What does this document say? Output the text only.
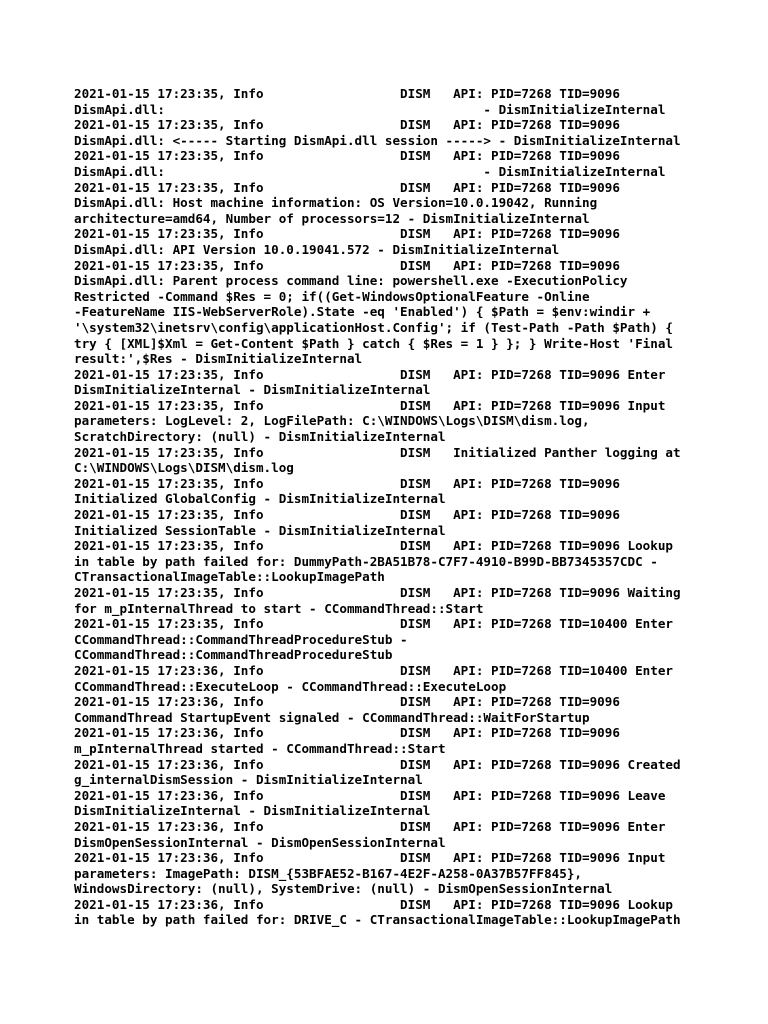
2021-01-15 17:23:35, Info                  DISM   API: PID=7268 TID=9096
DismApi.dll:                                          - DismInitializeInternal
2021-01-15 17:23:35, Info                  DISM   API: PID=7268 TID=9096
DismApi.dll: <----- Starting DismApi.dll session -----> - DismInitializeInternal
2021-01-15 17:23:35, Info                  DISM   API: PID=7268 TID=9096
DismApi.dll:                                          - DismInitializeInternal
2021-01-15 17:23:35, Info                  DISM   API: PID=7268 TID=9096
DismApi.dll: Host machine information: OS Version=10.0.19042, Running
architecture=amd64, Number of processors=12 - DismInitializeInternal
2021-01-15 17:23:35, Info                  DISM   API: PID=7268 TID=9096
DismApi.dll: API Version 10.0.19041.572 - DismInitializeInternal
2021-01-15 17:23:35, Info                  DISM   API: PID=7268 TID=9096
DismApi.dll: Parent process command line: powershell.exe -ExecutionPolicy
Restricted -Command $Res = 0; if((Get-WindowsOptionalFeature -Online
-FeatureName IIS-WebServerRole).State -eq 'Enabled') { $Path = $env:windir +
'\system32\inetsrv\config\applicationHost.Config'; if (Test-Path -Path $Path) {
try { [XML]$Xml = Get-Content $Path } catch { $Res = 1 } }; } Write-Host 'Final
result:',$Res - DismInitializeInternal
2021-01-15 17:23:35, Info                  DISM   API: PID=7268 TID=9096 Enter
DismInitializeInternal - DismInitializeInternal
2021-01-15 17:23:35, Info                  DISM   API: PID=7268 TID=9096 Input
parameters: LogLevel: 2, LogFilePath: C:\WINDOWS\Logs\DISM\dism.log,
ScratchDirectory: (null) - DismInitializeInternal
2021-01-15 17:23:35, Info                  DISM   Initialized Panther logging at
C:\WINDOWS\Logs\DISM\dism.log
2021-01-15 17:23:35, Info                  DISM   API: PID=7268 TID=9096
Initialized GlobalConfig - DismInitializeInternal
2021-01-15 17:23:35, Info                  DISM   API: PID=7268 TID=9096
Initialized SessionTable - DismInitializeInternal
2021-01-15 17:23:35, Info                  DISM   API: PID=7268 TID=9096 Lookup
in table by path failed for: DummyPath-2BA51B78-C7F7-4910-B99D-BB7345357CDC -
CTransactionalImageTable::LookupImagePath
2021-01-15 17:23:35, Info                  DISM   API: PID=7268 TID=9096 Waiting
for m_pInternalThread to start - CCommandThread::Start
2021-01-15 17:23:35, Info                  DISM   API: PID=7268 TID=10400 Enter
CCommandThread::CommandThreadProcedureStub -
CCommandThread::CommandThreadProcedureStub
2021-01-15 17:23:36, Info                  DISM   API: PID=7268 TID=10400 Enter
CCommandThread::ExecuteLoop - CCommandThread::ExecuteLoop
2021-01-15 17:23:36, Info                  DISM   API: PID=7268 TID=9096
CommandThread StartupEvent signaled - CCommandThread::WaitForStartup
2021-01-15 17:23:36, Info                  DISM   API: PID=7268 TID=9096
m_pInternalThread started - CCommandThread::Start
2021-01-15 17:23:36, Info                  DISM   API: PID=7268 TID=9096 Created
g_internalDismSession - DismInitializeInternal
2021-01-15 17:23:36, Info                  DISM   API: PID=7268 TID=9096 Leave
DismInitializeInternal - DismInitializeInternal
2021-01-15 17:23:36, Info                  DISM   API: PID=7268 TID=9096 Enter
DismOpenSessionInternal - DismOpenSessionInternal
2021-01-15 17:23:36, Info                  DISM   API: PID=7268 TID=9096 Input
parameters: ImagePath: DISM_{53BFAE52-B167-4E2F-A258-0A37B57FF845},
WindowsDirectory: (null), SystemDrive: (null) - DismOpenSessionInternal
2021-01-15 17:23:36, Info                  DISM   API: PID=7268 TID=9096 Lookup
in table by path failed for: DRIVE_C - CTransactionalImageTable::LookupImagePath
